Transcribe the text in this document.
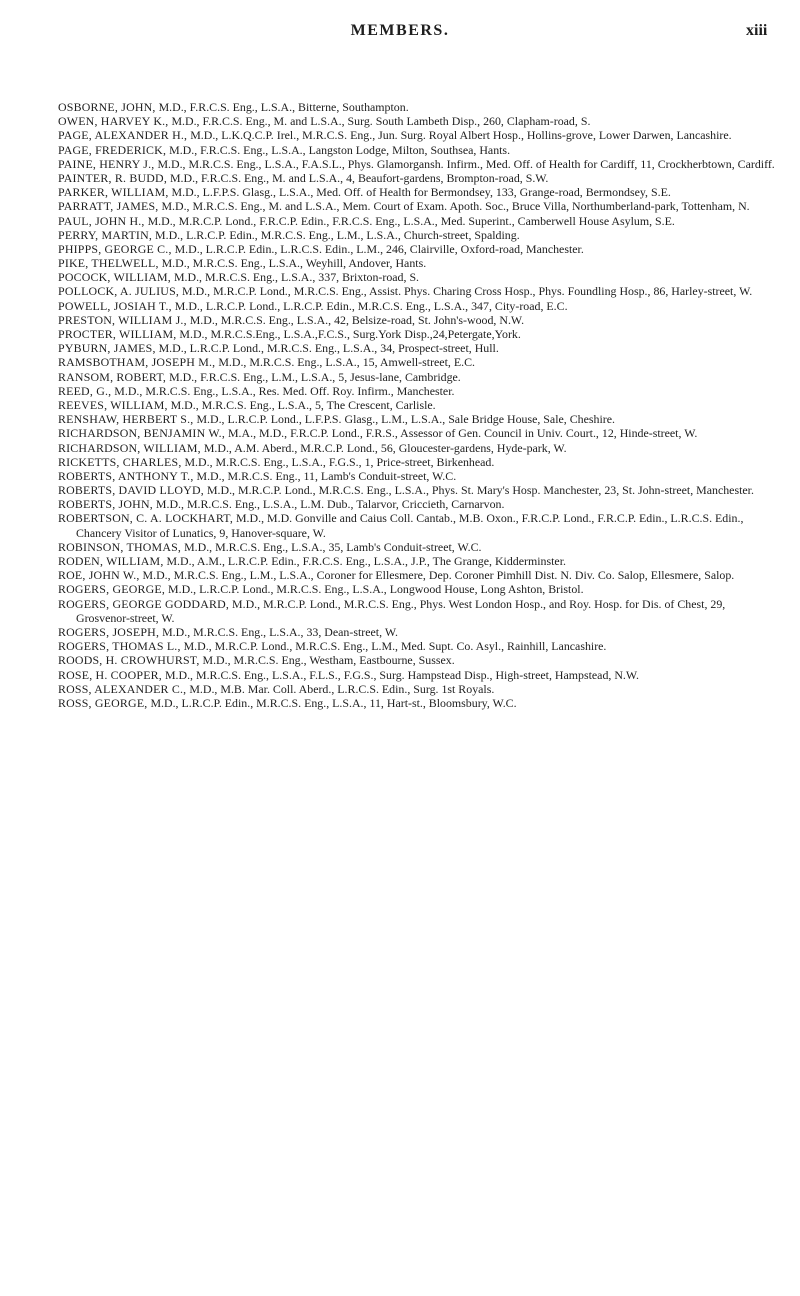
MEMBERS.	xiii

OSBORNE, JOHN, M.D., F.R.C.S. Eng., L.S.A., Bitterne, Southampton.

OWEN, HARVEY K., M.D., F.R.C.S. Eng., M. and L.S.A., Surg. South Lambeth Disp., 260, Clapham-road, S.

PAGE, ALEXANDER H., M.D., L.K.Q.C.P. Irel., M.R.C.S. Eng., Jun. Surg. Royal Albert Hosp., Hollins-grove, Lower Darwen, Lancashire.

PAGE, FREDERICK, M.D., F.R.C.S. Eng., L.S.A., Langston Lodge, Milton, Southsea, Hants.

PAINE, HENRY J., M.D., M.R.C.S. Eng., L.S.A., F.A.S.L., Phys. Glamorgansh. Infirm., Med. Off. of Health for Cardiff, 11, Crockherbtown, Cardiff.

PAINTER, R. BUDD, M.D., F.R.C.S. Eng., M. and L.S.A., 4, Beaufort-gardens, Brompton-road, S.W.

PARKER, WILLIAM, M.D., L.F.P.S. Glasg., L.S.A., Med. Off. of Health for Bermondsey, 133, Grange-road, Bermondsey, S.E.

PARRATT, JAMES, M.D., M.R.C.S. Eng., M. and L.S.A., Mem. Court of Exam. Apoth. Soc., Bruce Villa, Northumberland-park, Tottenham, N.

PAUL, JOHN H., M.D., M.R.C.P. Lond., F.R.C.P. Edin., F.R.C.S. Eng., L.S.A., Med. Superint., Camberwell House Asylum, S.E.

PERRY, MARTIN, M.D., L.R.C.P. Edin., M.R.C.S. Eng., L.M., L.S.A., Church-street, Spalding.

PHIPPS, GEORGE C., M.D., L.R.C.P. Edin., L.R.C.S. Edin., L.M., 246, Clairville, Oxford-road, Manchester.

PIKE, THELWELL, M.D., M.R.C.S. Eng., L.S.A., Weyhill, Andover, Hants.

POCOCK, WILLIAM, M.D., M.R.C.S. Eng., L.S.A., 337, Brixton-road, S.

POLLOCK, A. JULIUS, M.D., M.R.C.P. Lond., M.R.C.S. Eng., Assist. Phys. Charing Cross Hosp., Phys. Foundling Hosp., 86, Harley-street, W.

POWELL, JOSIAH T., M.D., L.R.C.P. Lond., L.R.C.P. Edin., M.R.C.S. Eng., L.S.A., 347, City-road, E.C.

PRESTON, WILLIAM J., M.D., M.R.C.S. Eng., L.S.A., 42, Belsize-road, St. John's-wood, N.W.

PROCTER, WILLIAM, M.D., M.R.C.S.Eng., L.S.A.,F.C.S., Surg.York Disp.,24,Petergate,York.

PYBURN, JAMES, M.D., L.R.C.P. Lond., M.R.C.S. Eng., L.S.A., 34, Prospect-street, Hull.

RAMSBOTHAM, JOSEPH M., M.D., M.R.C.S. Eng., L.S.A., 15, Amwell-street, E.C.

RANSOM, ROBERT, M.D., F.R.C.S. Eng., L.M., L.S.A., 5, Jesus-lane, Cambridge.

REED, G., M.D., M.R.C.S. Eng., L.S.A., Res. Med. Off. Roy. Infirm., Manchester.

REEVES, WILLIAM, M.D., M.R.C.S. Eng., L.S.A., 5, The Crescent, Carlisle.

RENSHAW, HERBERT S., M.D., L.R.C.P. Lond., L.F.P.S. Glasg., L.M., L.S.A., Sale Bridge House, Sale, Cheshire.

RICHARDSON, BENJAMIN W., M.A., M.D., F.R.C.P. Lond., F.R.S., Assessor of Gen. Council in Univ. Court., 12, Hinde-street, W.

RICHARDSON, WILLIAM, M.D., A.M. Aberd., M.R.C.P. Lond., 56, Gloucester-gardens, Hyde-park, W.

RICKETTS, CHARLES, M.D., M.R.C.S. Eng., L.S.A., F.G.S., 1, Price-street, Birkenhead.

ROBERTS, ANTHONY T., M.D., M.R.C.S. Eng., 11, Lamb's Conduit-street, W.C.

ROBERTS, DAVID LLOYD, M.D., M.R.C.P. Lond., M.R.C.S. Eng., L.S.A., Phys. St. Mary's Hosp. Manchester, 23, St. John-street, Manchester.

ROBERTS, JOHN, M.D., M.R.C.S. Eng., L.S.A., L.M. Dub., Talarvor, Criccieth, Carnarvon.

ROBERTSON, C. A. LOCKHART, M.D., M.D. Gonville and Caius Coll. Cantab., M.B. Oxon., F.R.C.P. Lond., F.R.C.P. Edin., L.R.C.S. Edin., Chancery Visitor of Lunatics, 9, Hanover-square, W.

ROBINSON, THOMAS, M.D., M.R.C.S. Eng., L.S.A., 35, Lamb's Conduit-street, W.C.

RODEN, WILLIAM, M.D., A.M., L.R.C.P. Edin., F.R.C.S. Eng., L.S.A., J.P., The Grange, Kidderminster.

ROE, JOHN W., M.D., M.R.C.S. Eng., L.M., L.S.A., Coroner for Ellesmere, Dep. Coroner Pimhill Dist. N. Div. Co. Salop, Ellesmere, Salop.

ROGERS, GEORGE, M.D., L.R.C.P. Lond., M.R.C.S. Eng., L.S.A., Longwood House, Long Ashton, Bristol.

ROGERS, GEORGE GODDARD, M.D., M.R.C.P. Lond., M.R.C.S. Eng., Phys. West London Hosp., and Roy. Hosp. for Dis. of Chest, 29, Grosvenor-street, W.

ROGERS, JOSEPH, M.D., M.R.C.S. Eng., L.S.A., 33, Dean-street, W.

ROGERS, THOMAS L., M.D., M.R.C.P. Lond., M.R.C.S. Eng., L.M., Med. Supt. Co. Asyl., Rainhill, Lancashire.

ROODS, H. CROWHURST, M.D., M.R.C.S. Eng., Westham, Eastbourne, Sussex.

ROSE, H. COOPER, M.D., M.R.C.S. Eng., L.S.A., F.L.S., F.G.S., Surg. Hampstead Disp., High-street, Hampstead, N.W.

ROSS, ALEXANDER C., M.D., M.B. Mar. Coll. Aberd., L.R.C.S. Edin., Surg. 1st Royals.

ROSS, GEORGE, M.D., L.R.C.P. Edin., M.R.C.S. Eng., L.S.A., 11, Hart-st., Bloomsbury, W.C.
